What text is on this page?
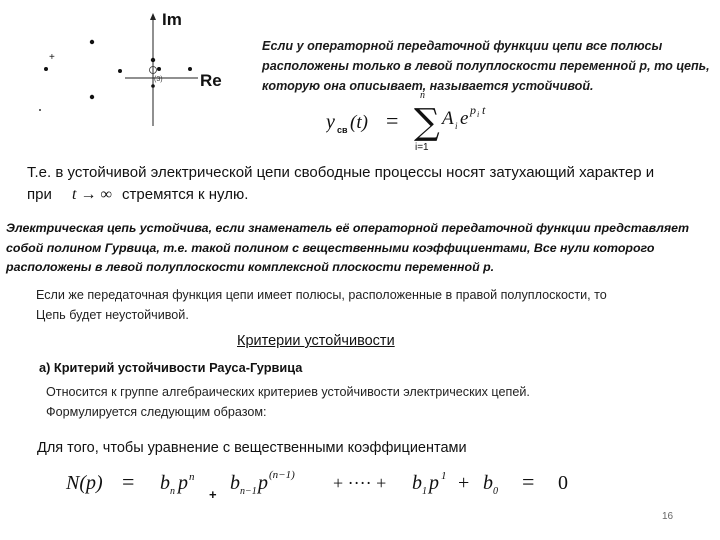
Im
Re
+
(3)
Если у операторной передаточной функции цепи все полюсы расположены только в левой полуплоскости переменной p, то цепь, которую она описывает, называется устойчивой.
y св (t) =
n
∑
i=1
A i e p i t
Т.е. в устойчивой электрической цепи свободные процессы носят затухающий характер и
при t → ∞ стремятся к нулю.
Электрическая цепь устойчива, если знаменатель её операторной передаточной функции представляет собой полином Гурвица, т.е. такой полином с вещественными коэффициентами, Все нули которого расположены в левой полуплоскости комплексной плоскости переменной p.
Если же передаточная функция цепи имеет полюсы, расположенные в правой полуплоскости, то
Цепь будет неустойчивой.
Критерии устойчивости
а) Критерий устойчивости Рауса-Гурвица
Относится к группе алгебраических критериев устойчивости электрических цепей.
Формулируется следующим образом:
Для того, чтобы уравнение с вещественными коэффициентами
N(p) = b n p n
+
b n−1 p (n−1) + ···· + b 1 p 1 + b 0 = 0
16
